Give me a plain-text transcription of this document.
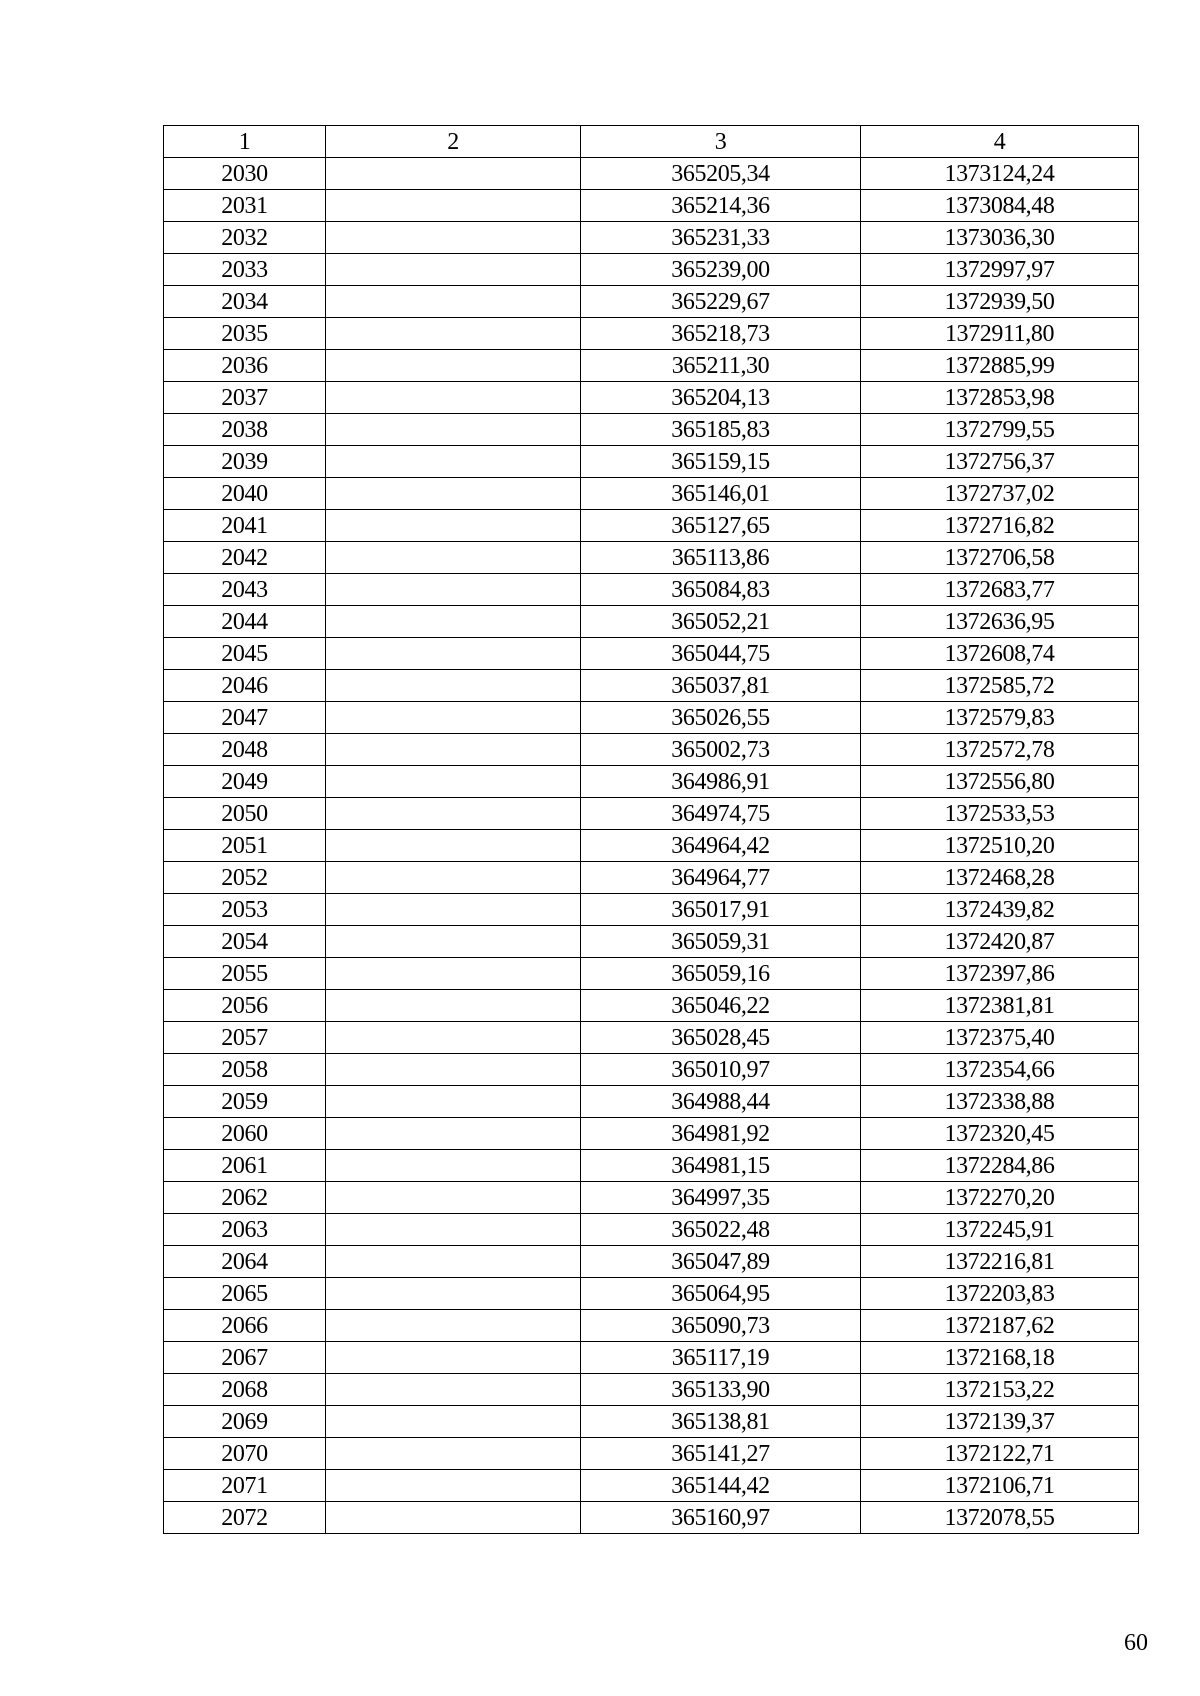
1	2	3	4
2030		365205,34	1373124,24
2031		365214,36	1373084,48
2032		365231,33	1373036,30
2033		365239,00	1372997,97
2034		365229,67	1372939,50
2035		365218,73	1372911,80
2036		365211,30	1372885,99
2037		365204,13	1372853,98
2038		365185,83	1372799,55
2039		365159,15	1372756,37
2040		365146,01	1372737,02
2041		365127,65	1372716,82
2042		365113,86	1372706,58
2043		365084,83	1372683,77
2044		365052,21	1372636,95
2045		365044,75	1372608,74
2046		365037,81	1372585,72
2047		365026,55	1372579,83
2048		365002,73	1372572,78
2049		364986,91	1372556,80
2050		364974,75	1372533,53
2051		364964,42	1372510,20
2052		364964,77	1372468,28
2053		365017,91	1372439,82
2054		365059,31	1372420,87
2055		365059,16	1372397,86
2056		365046,22	1372381,81
2057		365028,45	1372375,40
2058		365010,97	1372354,66
2059		364988,44	1372338,88
2060		364981,92	1372320,45
2061		364981,15	1372284,86
2062		364997,35	1372270,20
2063		365022,48	1372245,91
2064		365047,89	1372216,81
2065		365064,95	1372203,83
2066		365090,73	1372187,62
2067		365117,19	1372168,18
2068		365133,90	1372153,22
2069		365138,81	1372139,37
2070		365141,27	1372122,71
2071		365144,42	1372106,71
2072		365160,97	1372078,55
60
